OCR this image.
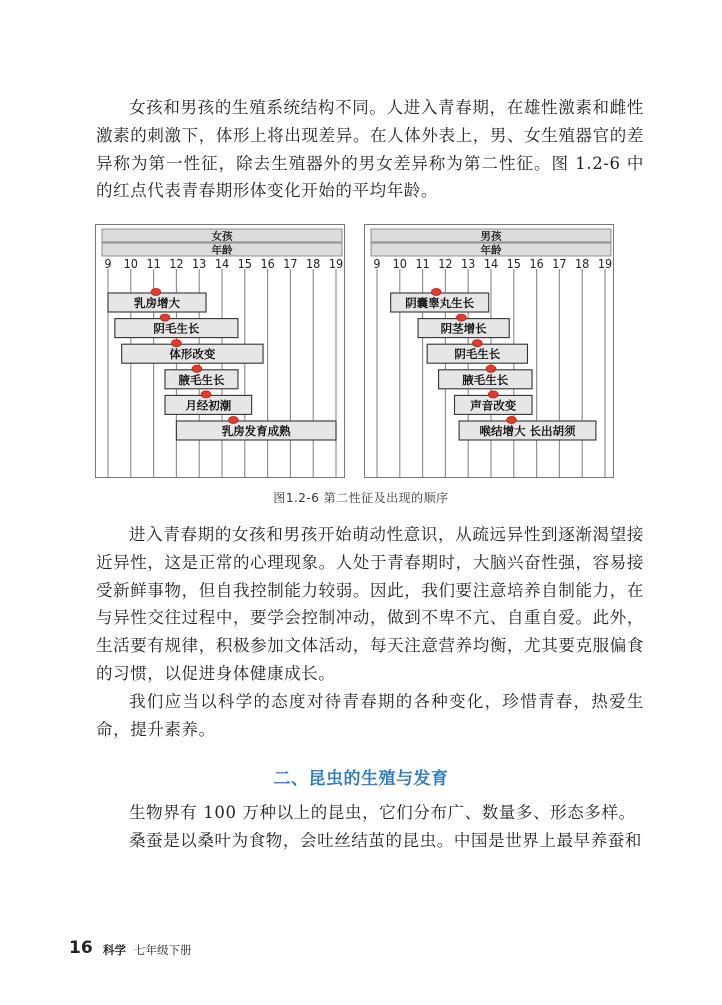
女孩和男孩的生殖系统结构不同。人进入青春期，在雄性激素和雌性激素的刺激下，体形上将出现差异。在人体外表上，男、女生殖器官的差异称为第一性征，除去生殖器外的男女差异称为第二性征。图 1.2-6 中的红点代表青春期形体变化开始的平均年龄。

女孩
年龄
9 10 11 12 13 14 15 16 17 18 19
乳房增大
阴毛生长
体形改变
腋毛生长
月经初潮
乳房发育成熟
男孩
年龄
9 10 11 12 13 14 15 16 17 18 19
阴囊睾丸生长
阴茎增长
阴毛生长
腋毛生长
声音改变
喉结增大 长出胡须
图1.2-6 第二性征及出现的顺序

进入青春期的女孩和男孩开始萌动性意识，从疏远异性到逐渐渴望接近异性，这是正常的心理现象。人处于青春期时，大脑兴奋性强，容易接受新鲜事物，但自我控制能力较弱。因此，我们要注意培养自制能力，在与异性交往过程中，要学会控制冲动，做到不卑不亢、自重自爱。此外，生活要有规律，积极参加文体活动，每天注意营养均衡，尤其要克服偏食的习惯，以促进身体健康成长。

我们应当以科学的态度对待青春期的各种变化，珍惜青春，热爱生命，提升素养。

二、昆虫的生殖与发育

生物界有 100 万种以上的昆虫，它们分布广、数量多、形态多样。

桑蚕是以桑叶为食物，会吐丝结茧的昆虫。中国是世界上最早养蚕和

16 科学 七年级下册
